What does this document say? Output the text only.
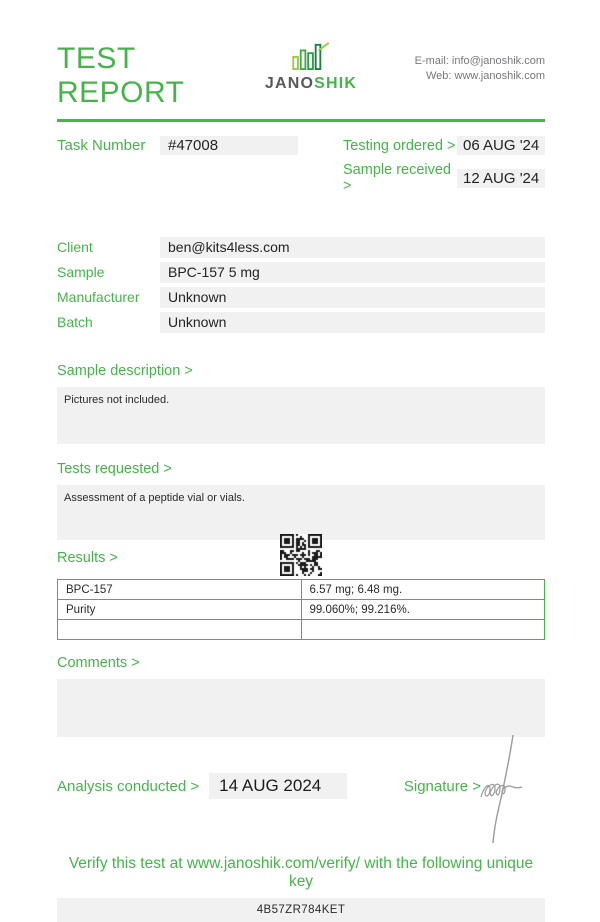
TEST REPORT	JANOSHIK
E-mail: info@janoshik.com
Web: www.janoshik.com
Task Number	#47008	Testing ordered > 06 AUG '24
Sample received >	12 AUG '24
Client	ben@kits4less.com
Sample	BPC-157 5 mg
Manufacturer	Unknown
Batch	Unknown
Sample description >
Pictures not included.
Tests requested >
Assessment of a peptide vial or vials.
Results >
BPC-157	6.57 mg; 6.48 mg.
Purity	99.060%; 99.216%.

Comments >
Analysis conducted >	14 AUG 2024	Signature >
Verify this test at www.janoshik.com/verify/ with the following unique key
4B57ZR784KET
